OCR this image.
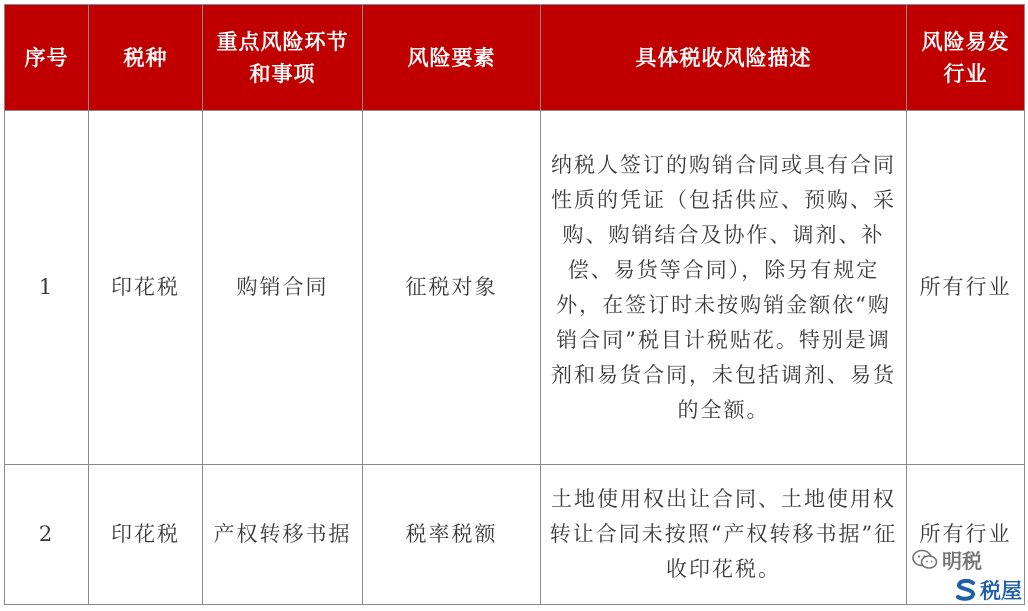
序号	税种	重点风险环节和事项	风险要素	具体税收风险描述	风险易发行业
1	印花税	购销合同	征税对象	纳税人签订的购销合同或具有合同性质的凭证（包括供应、预购、采购、购销结合及协作、调剂、补偿、易货等合同），除另有规定外，在签订时未按购销金额依“购销合同”税目计税贴花。特别是调剂和易货合同，未包括调剂、易货的全额。	所有行业
2	印花税	产权转移书据	税率税额	土地使用权出让合同、土地使用权转让合同未按照“产权转移书据”征收印花税。	所有行业
明税
税屋
